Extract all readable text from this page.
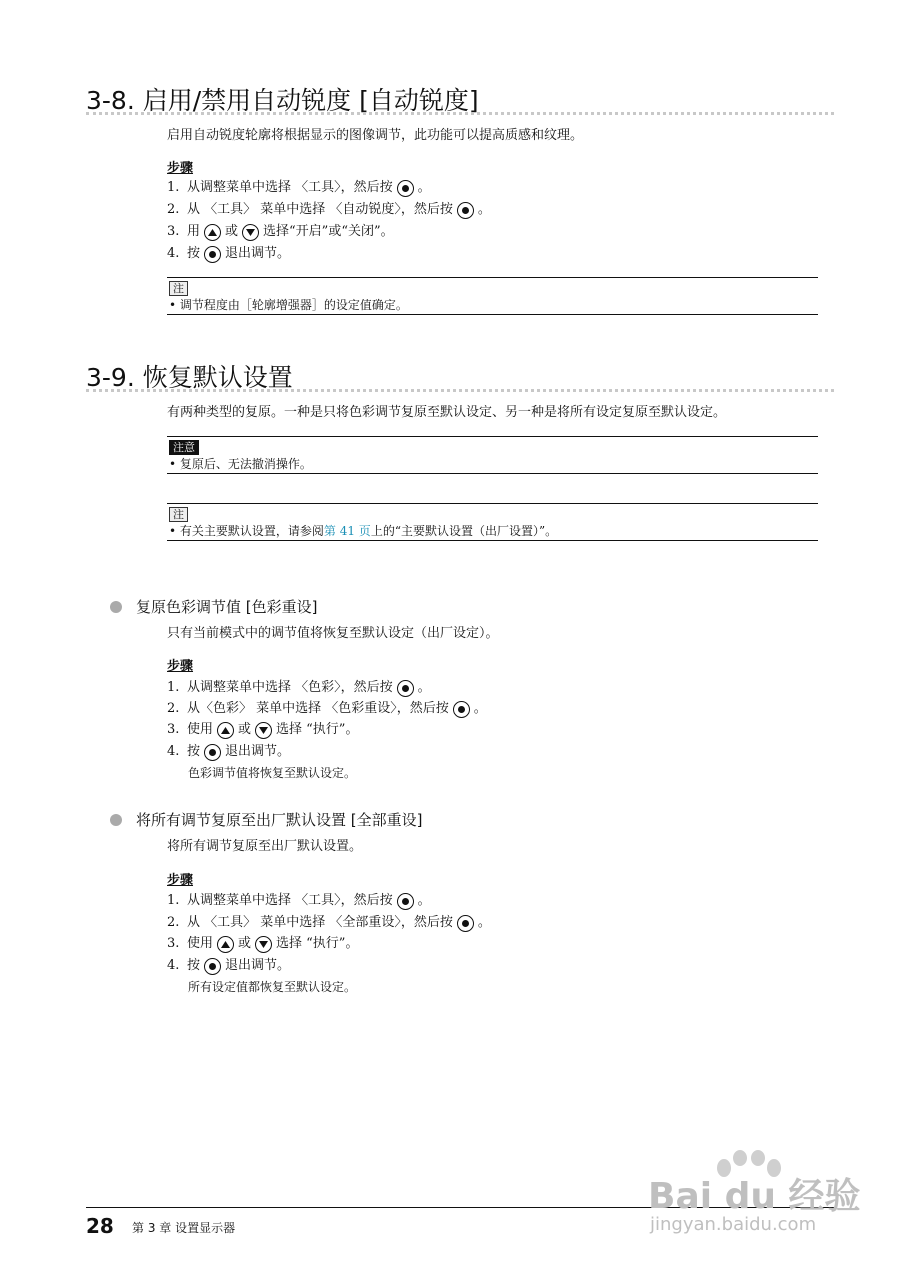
3-8. 启用/禁用自动锐度 [自动锐度]
启用自动锐度轮廓将根据显示的图像调节，此功能可以提高质感和纹理。
步骤
1. 从调整菜单中选择 〈工具〉，然后按 。
2. 从 〈工具〉 菜单中选择 〈自动锐度〉，然后按 。
3. 用 或 选择“开启”或“关闭”。
4. 按 退出调节。
注
• 调节程度由［轮廓增强器］的设定值确定。
3-9. 恢复默认设置
有两种类型的复原。一种是只将色彩调节复原至默认设定、另一种是将所有设定复原至默认设定。
注意
• 复原后、无法撤消操作。
注
• 有关主要默认设置，请参阅第 41 页上的“主要默认设置（出厂设置）”。
复原色彩调节值 [色彩重设]
只有当前模式中的调节值将恢复至默认设定（出厂设定）。
步骤
1. 从调整菜单中选择 〈色彩〉，然后按 。
2. 从〈色彩〉 菜单中选择 〈色彩重设〉，然后按 。
3. 使用 或 选择 “执行”。
4. 按 退出调节。
色彩调节值将恢复至默认设定。
将所有调节复原至出厂默认设置 [全部重设]
将所有调节复原至出厂默认设置。
步骤
1. 从调整菜单中选择 〈工具〉，然后按 。
2. 从 〈工具〉 菜单中选择 〈全部重设〉，然后按 。
3. 使用 或 选择 “执行”。
4. 按 退出调节。
所有设定值都恢复至默认设定。
28 第 3 章 设置显示器
Bai du 经验
jingyan.baidu.com
